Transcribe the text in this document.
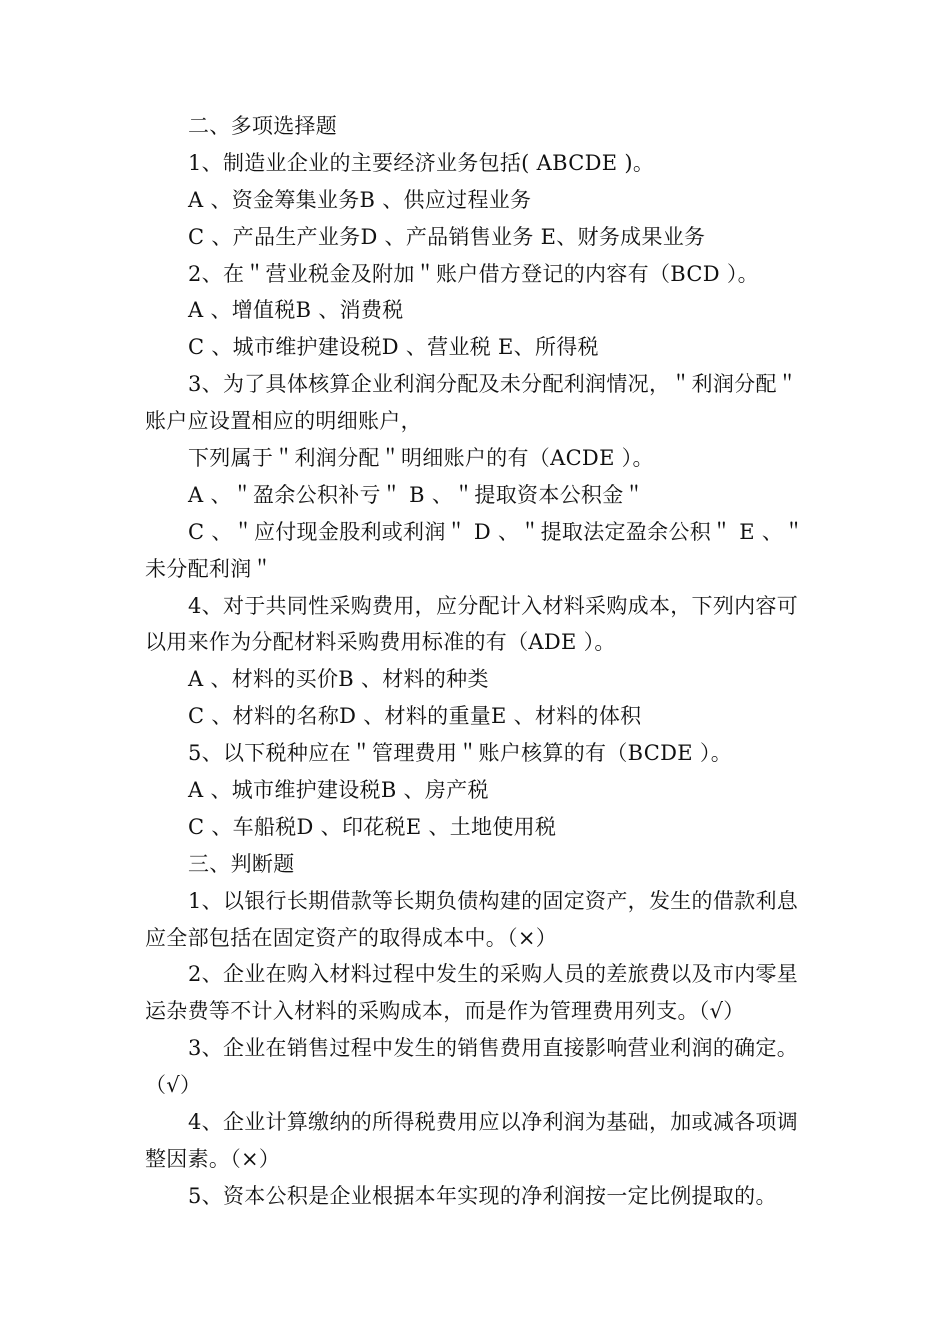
二、多项选择题
1、制造业企业的主要经济业务包括( ABCDE )。
A 、资金筹集业务B 、供应过程业务
C 、产品生产业务D 、产品销售业务 E、财务成果业务
2、在＂营业税金及附加＂账户借方登记的内容有（BCD ）。
A 、增值税B 、消费税
C 、城市维护建设税D 、营业税 E、所得税
3、为了具体核算企业利润分配及未分配利润情况，＂利润分配＂
账户应设置相应的明细账户，
下列属于＂利润分配＂明细账户的有（ACDE ）。
A 、＂盈余公积补亏＂ B 、＂提取资本公积金＂
C 、＂应付现金股利或利润＂ D 、＂提取法定盈余公积＂ E 、＂
未分配利润＂
4、对于共同性采购费用，应分配计入材料采购成本，下列内容可
以用来作为分配材料采购费用标准的有（ADE ）。
A 、材料的买价B 、材料的种类
C 、材料的名称D 、材料的重量E 、材料的体积
5、以下税种应在＂管理费用＂账户核算的有（BCDE ）。
A 、城市维护建设税B 、房产税
C 、车船税D 、印花税E 、土地使用税
三、判断题
1、以银行长期借款等长期负债构建的固定资产，发生的借款利息
应全部包括在固定资产的取得成本中。（×）
2、企业在购入材料过程中发生的采购人员的差旅费以及市内零星
运杂费等不计入材料的采购成本，而是作为管理费用列支。（√）
3、企业在销售过程中发生的销售费用直接影响营业利润的确定。
（√）
4、企业计算缴纳的所得税费用应以净利润为基础，加或减各项调
整因素。（×）
5、资本公积是企业根据本年实现的净利润按一定比例提取的。
